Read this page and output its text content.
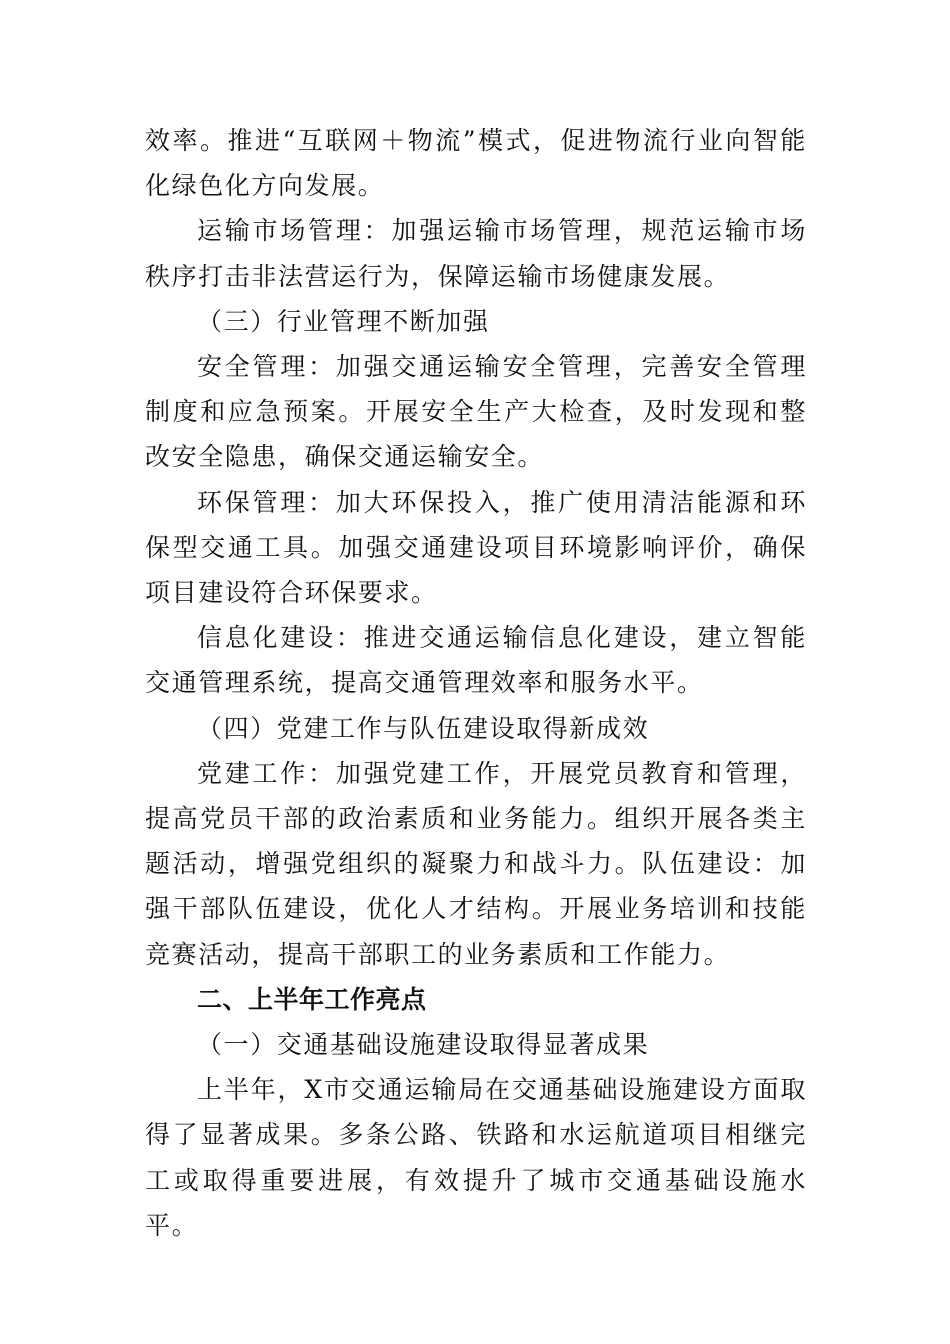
效率。推进“互联网＋物流”模式，促进物流行业向智能化绿色化方向发展。

运输市场管理：加强运输市场管理，规范运输市场秩序打击非法营运行为，保障运输市场健康发展。

（三）行业管理不断加强

安全管理：加强交通运输安全管理，完善安全管理制度和应急预案。开展安全生产大检查，及时发现和整改安全隐患，确保交通运输安全。

环保管理：加大环保投入，推广使用清洁能源和环保型交通工具。加强交通建设项目环境影响评价，确保项目建设符合环保要求。

信息化建设：推进交通运输信息化建设，建立智能交通管理系统，提高交通管理效率和服务水平。

（四）党建工作与队伍建设取得新成效

党建工作：加强党建工作，开展党员教育和管理，提高党员干部的政治素质和业务能力。组织开展各类主题活动，增强党组织的凝聚力和战斗力。队伍建设：加强干部队伍建设，优化人才结构。开展业务培训和技能竞赛活动，提高干部职工的业务素质和工作能力。

二、上半年工作亮点

（一）交通基础设施建设取得显著成果

上半年，X市交通运输局在交通基础设施建设方面取得了显著成果。多条公路、铁路和水运航道项目相继完工或取得重要进展，有效提升了城市交通基础设施水平。
